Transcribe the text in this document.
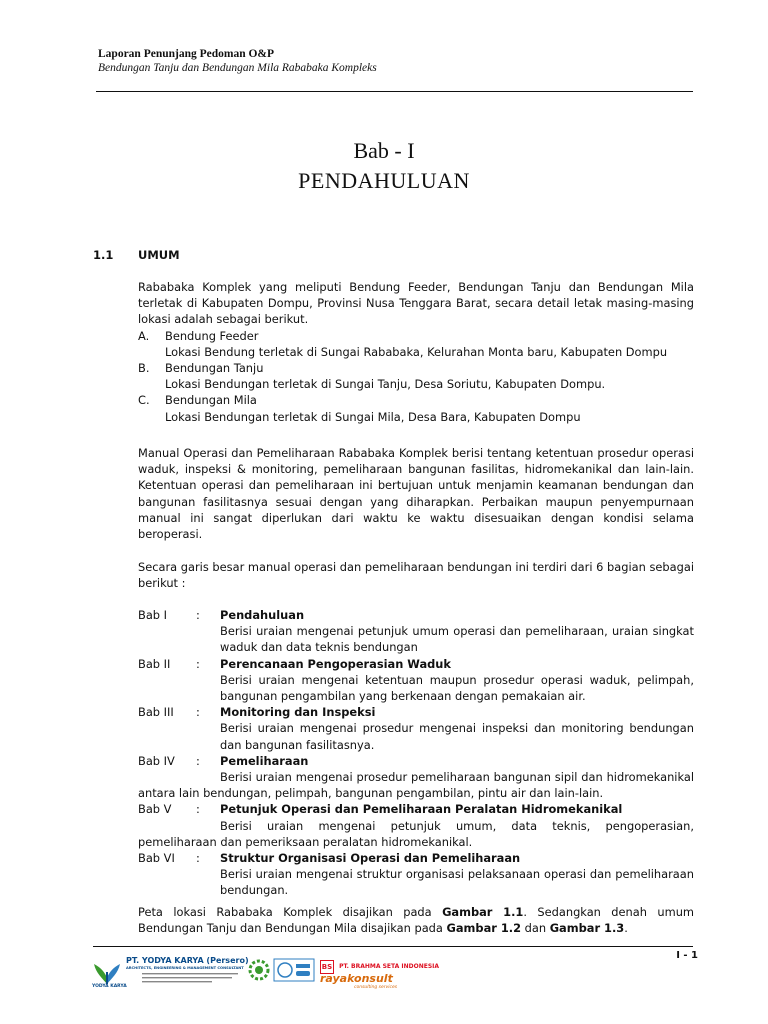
Laporan Penunjang Pedoman O&P
Bendungan Tanju dan Bendungan Mila Rababaka Kompleks
Bab - I
PENDAHULUAN
1.1 UMUM

Rababaka Komplek yang meliputi Bendung Feeder, Bendungan Tanju dan Bendungan Mila terletak di Kabupaten Dompu, Provinsi Nusa Tenggara Barat, secara detail letak masing-masing lokasi adalah sebagai berikut.

A.	Bendung Feeder
Lokasi Bendung terletak di Sungai Rababaka, Kelurahan Monta baru, Kabupaten Dompu
B.	Bendungan Tanju
Lokasi Bendungan terletak di Sungai Tanju, Desa Soriutu, Kabupaten Dompu.
C.	Bendungan Mila
Lokasi Bendungan terletak di Sungai Mila, Desa Bara, Kabupaten Dompu

Manual Operasi dan Pemeliharaan Rababaka Komplek berisi tentang ketentuan prosedur operasi waduk, inspeksi & monitoring, pemeliharaan bangunan fasilitas, hidromekanikal dan lain-lain. Ketentuan operasi dan pemeliharaan ini bertujuan untuk menjamin keamanan bendungan dan bangunan fasilitasnya sesuai dengan yang diharapkan. Perbaikan maupun penyempurnaan manual ini sangat diperlukan dari waktu ke waktu disesuaikan dengan kondisi selama beroperasi.

Secara garis besar manual operasi dan pemeliharaan bendungan ini terdiri dari 6 bagian sebagai berikut :

Bab I	:	Pendahuluan
Berisi uraian mengenai petunjuk umum operasi dan pemeliharaan, uraian singkat waduk dan data teknis bendungan
Bab II	:	Perencanaan Pengoperasian Waduk
Berisi uraian mengenai ketentuan maupun prosedur operasi waduk, pelimpah, bangunan pengambilan yang berkenaan dengan pemakaian air.
Bab III	:	Monitoring dan Inspeksi
Berisi uraian mengenai prosedur mengenai inspeksi dan monitoring bendungan dan bangunan fasilitasnya.
Bab IV	:	Pemeliharaan
Berisi uraian mengenai prosedur pemeliharaan bangunan sipil dan hidromekanikal antara lain bendungan, pelimpah, bangunan pengambilan, pintu air dan lain-lain.
Bab V	:	Petunjuk Operasi dan Pemeliharaan Peralatan Hidromekanikal
Berisi uraian mengenai petunjuk umum, data teknis, pengoperasian, pemeliharaan dan pemeriksaan peralatan hidromekanikal.
Bab VI	:	Struktur Organisasi Operasi dan Pemeliharaan
Berisi uraian mengenai struktur organisasi pelaksanaan operasi dan pemeliharaan bendungan.
Peta lokasi Rababaka Komplek disajikan pada Gambar 1.1. Sedangkan denah umum Bendungan Tanju dan Bendungan Mila disajikan pada Gambar 1.2 dan Gambar 1.3.
I - 1
YODYA KARYA
PT. YODYA KARYA (Persero)
ARCHITECTS, ENGINEERING & MANAGEMENT CONSULTANT	BS PT. BRAHMA SETA INDONESIA
rayakonsult
consulting services
